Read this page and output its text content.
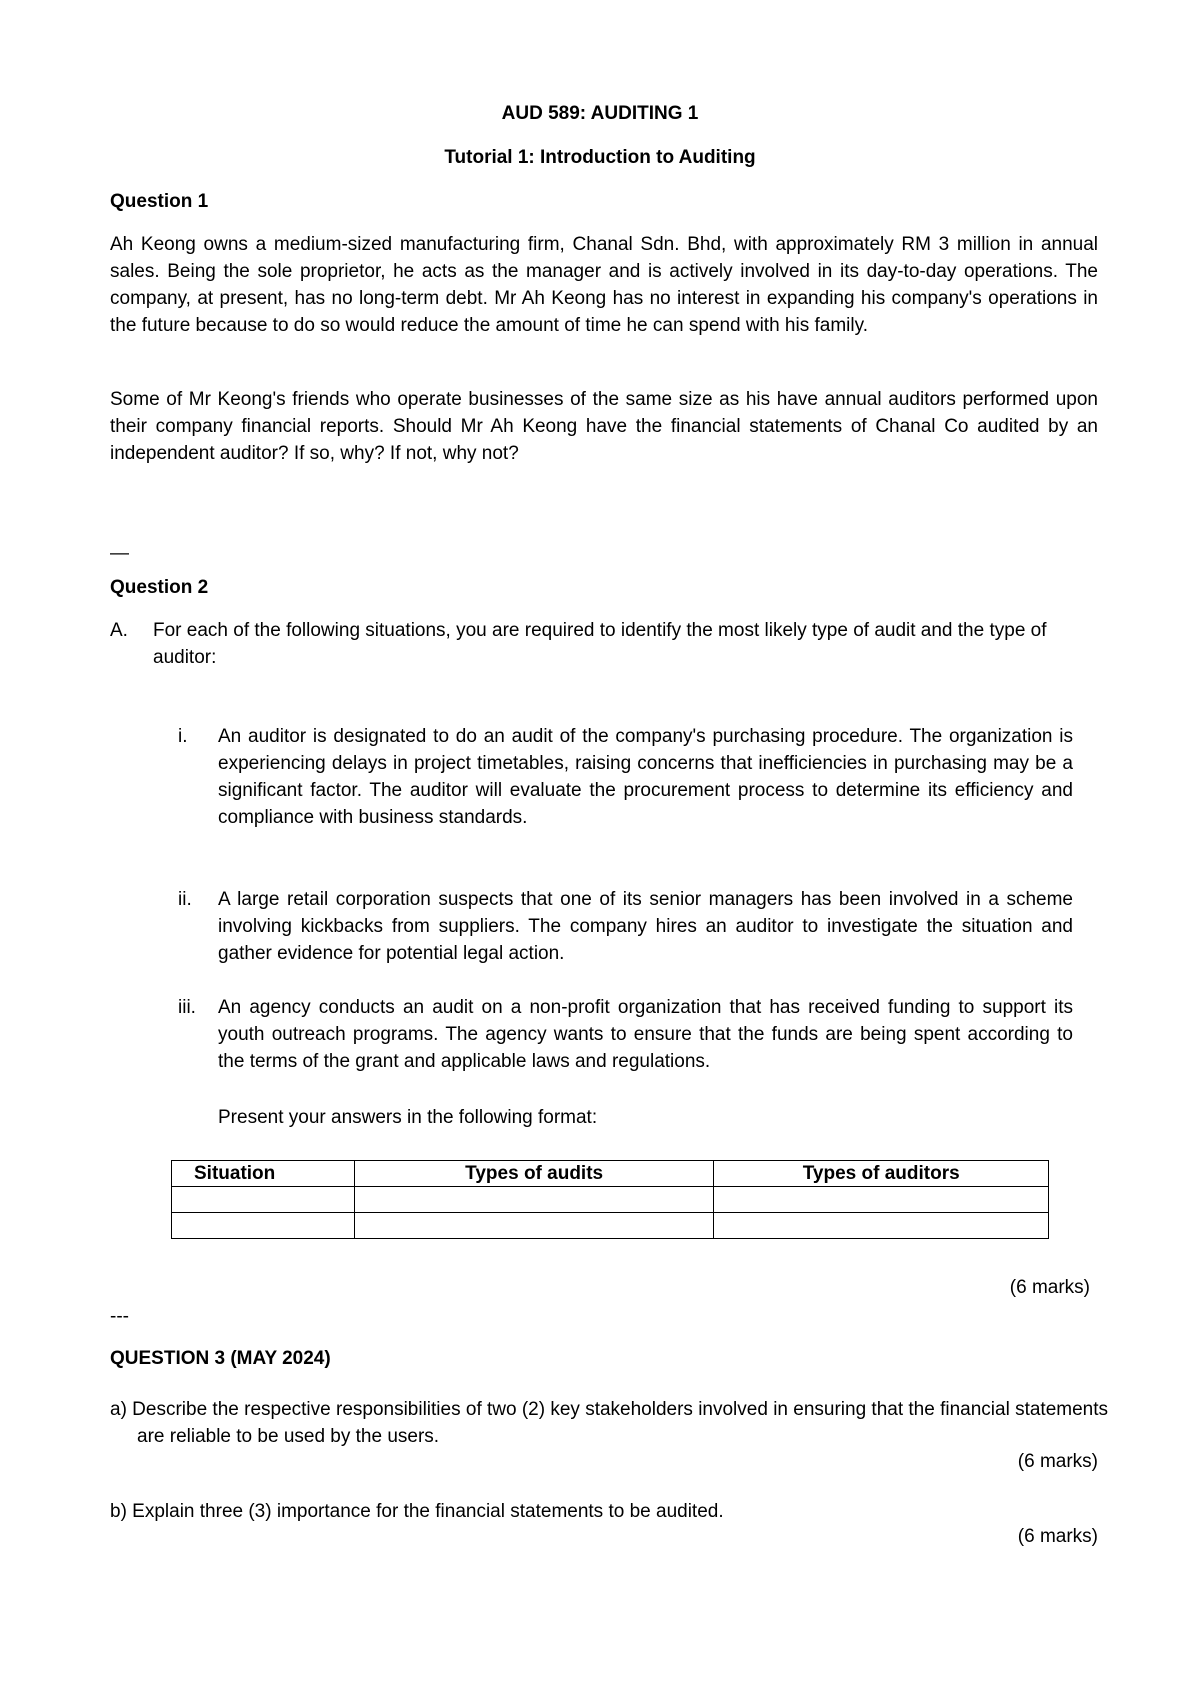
AUD 589: AUDITING 1
Tutorial 1: Introduction to Auditing
Question 1

Ah Keong owns a medium-sized manufacturing firm, Chanal Sdn. Bhd, with approximately RM 3 million in annual sales. Being the sole proprietor, he acts as the manager and is actively involved in its day-to-day operations. The company, at present, has no long-term debt. Mr Ah Keong has no interest in expanding his company's operations in the future because to do so would reduce the amount of time he can spend with his family.

Some of Mr Keong's friends who operate businesses of the same size as his have annual auditors performed upon their company financial reports. Should Mr Ah Keong have the financial statements of Chanal Co audited by an independent auditor? If so, why? If not, why not?

—
Question 2
A. For each of the following situations, you are required to identify the most likely type of audit and the type of auditor:
i. An auditor is designated to do an audit of the company's purchasing procedure. The organization is experiencing delays in project timetables, raising concerns that inefficiencies in purchasing may be a significant factor. The auditor will evaluate the procurement process to determine its efficiency and compliance with business standards.
ii. A large retail corporation suspects that one of its senior managers has been involved in a scheme involving kickbacks from suppliers. The company hires an auditor to investigate the situation and gather evidence for potential legal action.
iii. An agency conducts an audit on a non-profit organization that has received funding to support its youth outreach programs. The agency wants to ensure that the funds are being spent according to the terms of the grant and applicable laws and regulations.
Present your answers in the following format:
Situation	Types of audits	Types of auditors

(6 marks)
---
QUESTION 3 (MAY 2024)
a) Describe the respective responsibilities of two (2) key stakeholders involved in ensuring that the financial statements are reliable to be used by the users.
(6 marks)
b) Explain three (3) importance for the financial statements to be audited.
(6 marks)
